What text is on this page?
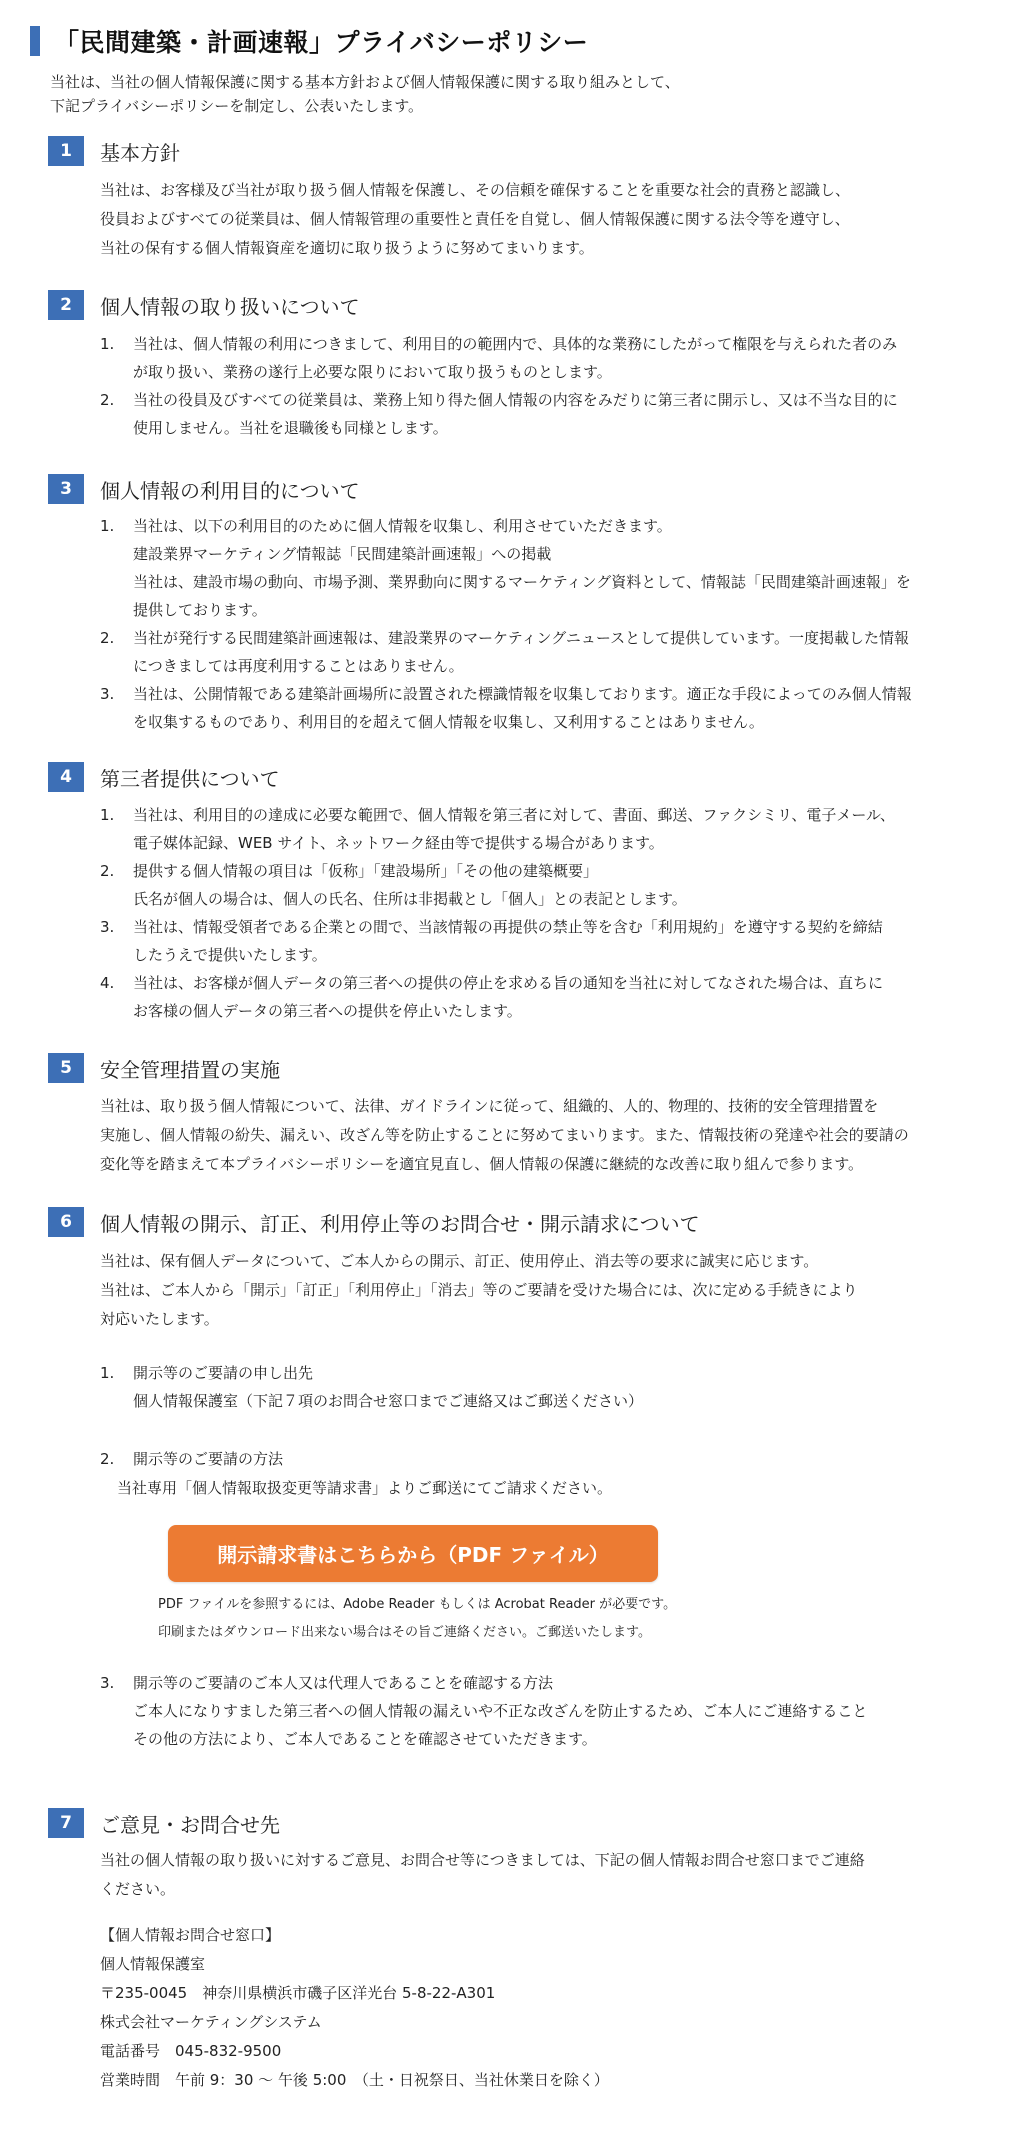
「民間建築・計画速報」プライバシーポリシー
当社は、当社の個人情報保護に関する基本方針および個人情報保護に関する取り組みとして、
下記プライバシーポリシーを制定し、公表いたします。
1	基本方針
当社は、お客様及び当社が取り扱う個人情報を保護し、その信頼を確保することを重要な社会的責務と認識し、
役員およびすべての従業員は、個人情報管理の重要性と責任を自覚し、個人情報保護に関する法令等を遵守し、
当社の保有する個人情報資産を適切に取り扱うように努めてまいります。
2	個人情報の取り扱いについて
1. 当社は、個人情報の利用につきまして、利用目的の範囲内で、具体的な業務にしたがって権限を与えられた者のみ
が取り扱い、業務の遂行上必要な限りにおいて取り扱うものとします。
2. 当社の役員及びすべての従業員は、業務上知り得た個人情報の内容をみだりに第三者に開示し、又は不当な目的に
使用しません。当社を退職後も同様とします。
3	個人情報の利用目的について
1. 当社は、以下の利用目的のために個人情報を収集し、利用させていただきます。
建設業界マーケティング情報誌「民間建築計画速報」への掲載
当社は、建設市場の動向、市場予測、業界動向に関するマーケティング資料として、情報誌「民間建築計画速報」を
提供しております。
2. 当社が発行する民間建築計画速報は、建設業界のマーケティングニュースとして提供しています。一度掲載した情報
につきましては再度利用することはありません。
3. 当社は、公開情報である建築計画場所に設置された標識情報を収集しております。適正な手段によってのみ個人情報
を収集するものであり、利用目的を超えて個人情報を収集し、又利用することはありません。
4	第三者提供について
1. 当社は、利用目的の達成に必要な範囲で、個人情報を第三者に対して、書面、郵送、ファクシミリ、電子メール、
電子媒体記録、WEB サイト、ネットワーク経由等で提供する場合があります。
2. 提供する個人情報の項目は「仮称」「建設場所」「その他の建築概要」
氏名が個人の場合は、個人の氏名、住所は非掲載とし「個人」との表記とします。
3. 当社は、情報受領者である企業との間で、当該情報の再提供の禁止等を含む「利用規約」を遵守する契約を締結
したうえで提供いたします。
4. 当社は、お客様が個人データの第三者への提供の停止を求める旨の通知を当社に対してなされた場合は、直ちに
お客様の個人データの第三者への提供を停止いたします。
5	安全管理措置の実施
当社は、取り扱う個人情報について、法律、ガイドラインに従って、組織的、人的、物理的、技術的安全管理措置を
実施し、個人情報の紛失、漏えい、改ざん等を防止することに努めてまいります。また、情報技術の発達や社会的要請の
変化等を踏まえて本プライバシーポリシーを適宜見直し、個人情報の保護に継続的な改善に取り組んで参ります。
6	個人情報の開示、訂正、利用停止等のお問合せ・開示請求について
当社は、保有個人データについて、ご本人からの開示、訂正、使用停止、消去等の要求に誠実に応じます。
当社は、ご本人から「開示」「訂正」「利用停止」「消去」等のご要請を受けた場合には、次に定める手続きにより
対応いたします。
1. 開示等のご要請の申し出先
個人情報保護室（下記７項のお問合せ窓口までご連絡又はご郵送ください）
2. 開示等のご要請の方法
当社専用「個人情報取扱変更等請求書」よりご郵送にてご請求ください。
開示請求書はこちらから（PDF ファイル）
PDF ファイルを参照するには、Adobe Reader もしくは Acrobat Reader が必要です。
印刷またはダウンロード出来ない場合はその旨ご連絡ください。ご郵送いたします。
3. 開示等のご要請のご本人又は代理人であることを確認する方法
ご本人になりすました第三者への個人情報の漏えいや不正な改ざんを防止するため、ご本人にご連絡すること
その他の方法により、ご本人であることを確認させていただきます。
7	ご意見・お問合せ先
当社の個人情報の取り扱いに対するご意見、お問合せ等につきましては、下記の個人情報お問合せ窓口までご連絡
ください。
【個人情報お問合せ窓口】
個人情報保護室
〒235-0045　神奈川県横浜市磯子区洋光台 5-8-22-A301
株式会社マーケティングシステム
電話番号　045-832-9500
営業時間　午前 9：30 〜 午後 5:00　（土・日祝祭日、当社休業日を除く）
